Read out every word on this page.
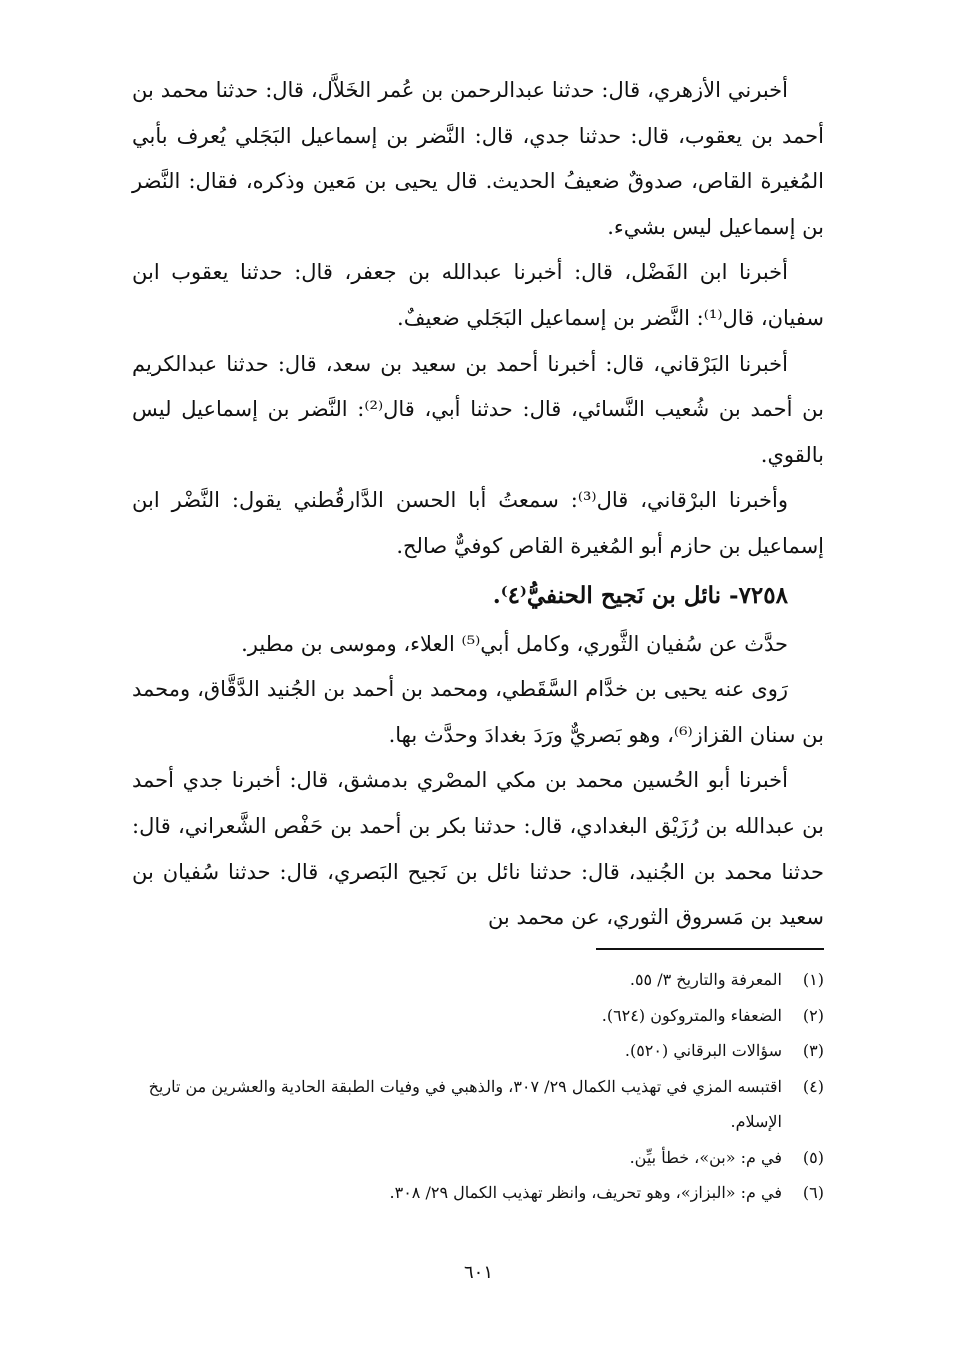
أخبرني الأزهري، قال: حدثنا عبدالرحمن بن عُمر الخَلاَّل، قال: حدثنا محمد بن أحمد بن يعقوب، قال: حدثنا جدي، قال: النَّضر بن إسماعيل البَجَلي يُعرف بأبي المُغيرة القاص، صدوقٌ ضعيفُ الحديث. قال يحيى بن مَعين وذكره، فقال: النَّضر بن إسماعيل ليس بشيء.

أخبرنا ابن الفَضْل، قال: أخبرنا عبدالله بن جعفر، قال: حدثنا يعقوب ابن سفيان، قال⁽¹⁾: النَّضر بن إسماعيل البَجَلي ضعيفٌ.

أخبرنا البَرْقاني، قال: أخبرنا أحمد بن سعيد بن سعد، قال: حدثنا عبدالكريم بن أحمد بن شُعيب النَّسائي، قال: حدثنا أبي، قال⁽²⁾: النَّضر بن إسماعيل ليس بالقوي.

وأخبرنا البرْقاني، قال⁽³⁾: سمعتُ أبا الحسن الدَّارقُطني يقول: النَّضْر ابن إسماعيل بن حازم أبو المُغيرة القاص كوفيٌّ صالح.

٧٢٥٨- نائل بن نَجيح الحنفيُّ⁽٤⁾.

حدَّث عن سُفيان الثَّوري، وكامل أبي⁽⁵⁾ العلاء، وموسى بن مطير.

رَوى عنه يحيى بن خدَّام السَّقَطي، ومحمد بن أحمد بن الجُنيد الدَّقَّاق، ومحمد بن سنان القزاز⁽⁶⁾، وهو بَصريٌّ ورَدَ بغدادَ وحدَّث بها.

أخبرنا أبو الحُسين محمد بن مكي المصْري بدمشق، قال: أخبرنا جدي أحمد بن عبدالله بن رُزَيْق البغدادي، قال: حدثنا بكر بن أحمد بن حَفْص الشَّعراني، قال: حدثنا محمد بن الجُنيد، قال: حدثنا نائل بن نَجيح البَصري، قال: حدثنا سُفيان بن سعيد بن مَسروق الثوري، عن محمد بن

(١)
المعرفة والتاريخ ٣/ ٥٥.
(٢)
الضعفاء والمتروكون (٦٢٤).
(٣)
سؤالات البرقاني (٥٢٠).
(٤)
اقتبسه المزي في تهذيب الكمال ٢٩/ ٣٠٧، والذهبي في وفيات الطبقة الحادية والعشرين من تاريخ الإسلام.
(٥)
في م: «بن»، خطأ بيِّن.
(٦)
في م: «البزاز»، وهو تحريف، وانظر تهذيب الكمال ٢٩/ ٣٠٨.
٦٠١
